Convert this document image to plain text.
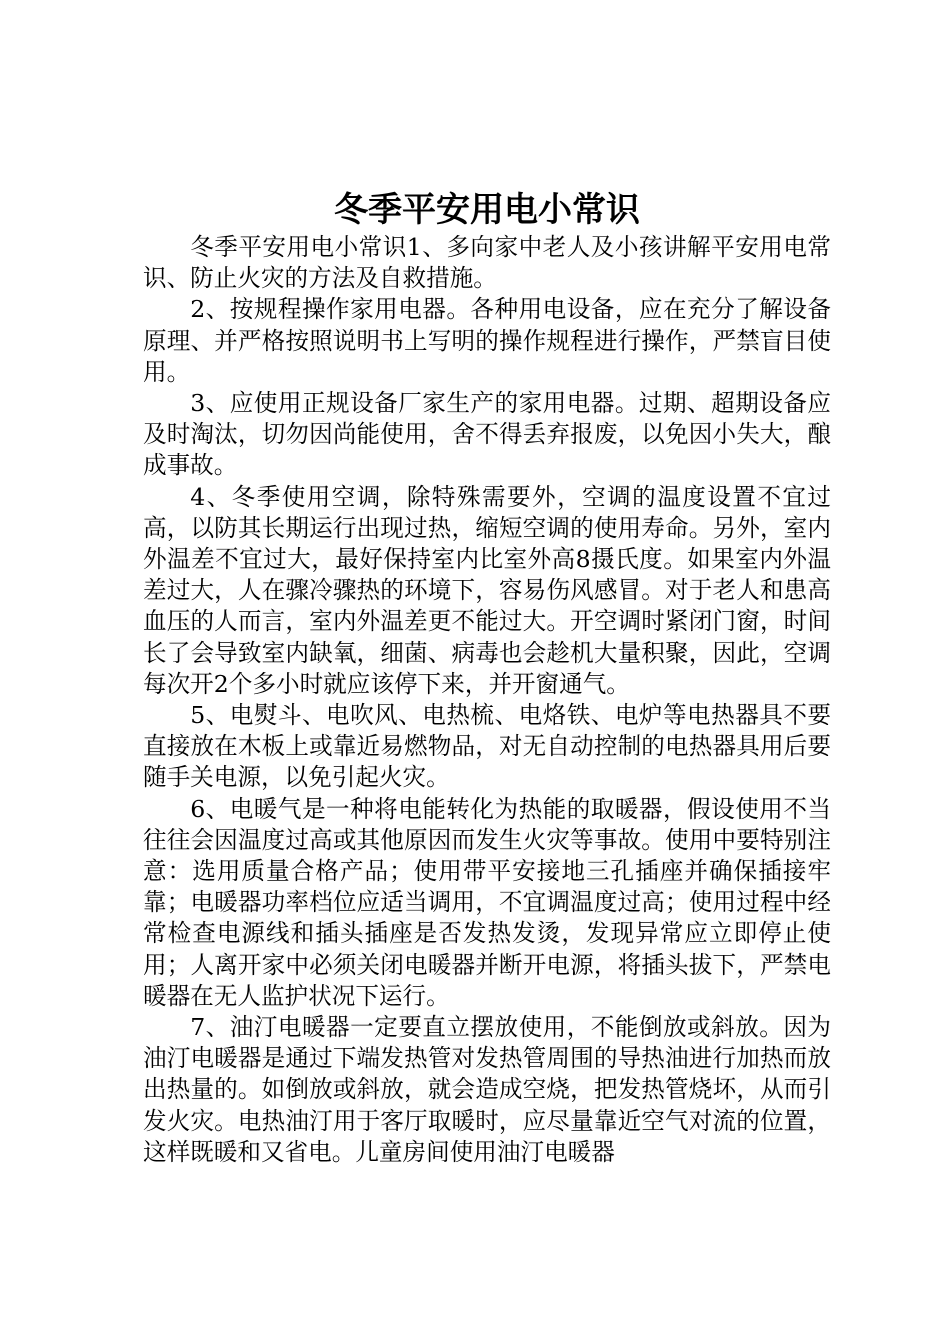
冬季平安用电小常识

冬季平安用电小常识1、多向家中老人及小孩讲解平安用电常识、防止火灾的方法及自救措施。

2、按规程操作家用电器。各种用电设备，应在充分了解设备原理、并严格按照说明书上写明的操作规程进行操作，严禁盲目使用。

3、应使用正规设备厂家生产的家用电器。过期、超期设备应及时淘汰，切勿因尚能使用，舍不得丢弃报废，以免因小失大，酿成事故。

4、冬季使用空调，除特殊需要外，空调的温度设置不宜过高，以防其长期运行出现过热，缩短空调的使用寿命。另外，室内外温差不宜过大，最好保持室内比室外高8摄氏度。如果室内外温差过大，人在骤冷骤热的环境下，容易伤风感冒。对于老人和患高血压的人而言，室内外温差更不能过大。开空调时紧闭门窗，时间长了会导致室内缺氧，细菌、病毒也会趁机大量积聚，因此，空调每次开2个多小时就应该停下来，并开窗通气。

5、电熨斗、电吹风、电热梳、电烙铁、电炉等电热器具不要直接放在木板上或靠近易燃物品，对无自动控制的电热器具用后要随手关电源，以免引起火灾。

6、电暖气是一种将电能转化为热能的取暖器，假设使用不当往往会因温度过高或其他原因而发生火灾等事故。使用中要特别注意：选用质量合格产品；使用带平安接地三孔插座并确保插接牢靠；电暖器功率档位应适当调用，不宜调温度过高；使用过程中经常检查电源线和插头插座是否发热发烫，发现异常应立即停止使用；人离开家中必须关闭电暖器并断开电源，将插头拔下，严禁电暖器在无人监护状况下运行。

7、油汀电暖器一定要直立摆放使用，不能倒放或斜放。因为油汀电暖器是通过下端发热管对发热管周围的导热油进行加热而放出热量的。如倒放或斜放，就会造成空烧，把发热管烧坏，从而引发火灾。电热油汀用于客厅取暖时，应尽量靠近空气对流的位置，这样既暖和又省电。儿童房间使用油汀电暖器
